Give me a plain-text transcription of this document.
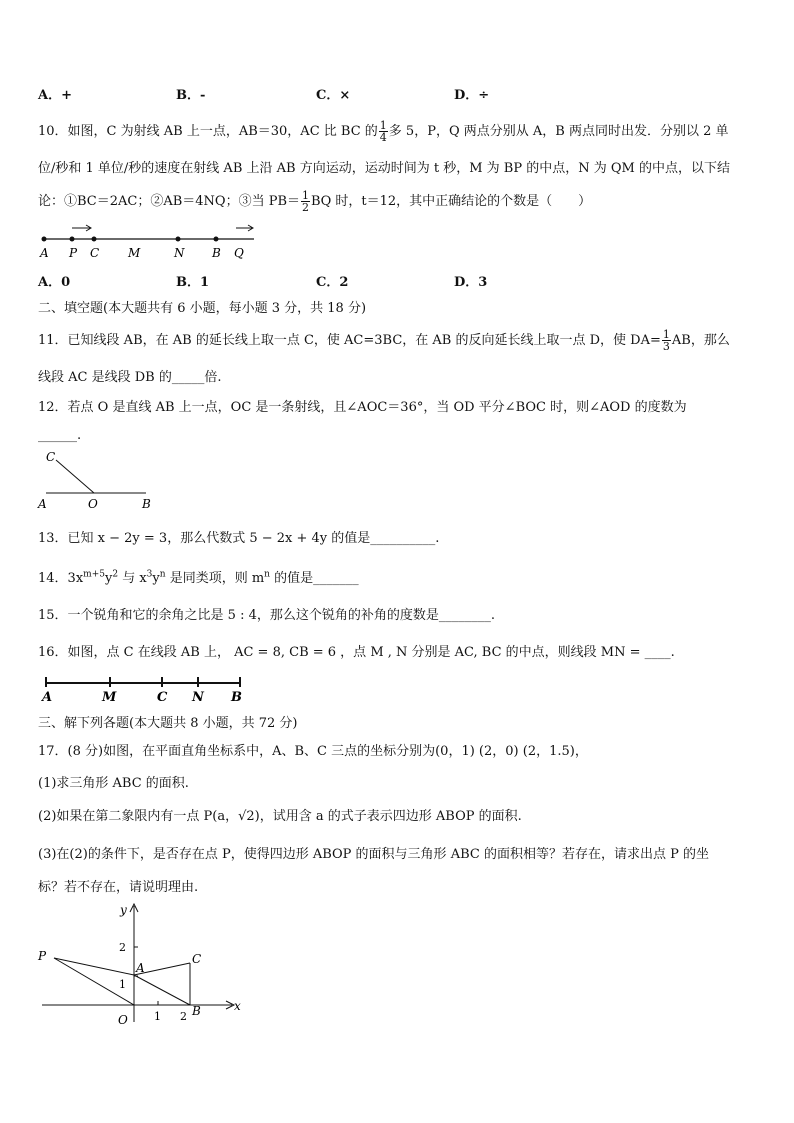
A．+	B．-	C．×	D．÷
10．如图，C 为射线 AB 上一点，AB＝30，AC 比 BC 的 $\frac{1}{4}$ 多 5，P，Q 两点分别从 A，B 两点同时出发．分别以 2 单
位/秒和 1 单位/秒的速度在射线 AB 上沿 AB 方向运动，运动时间为 t 秒，M 为 BP 的中点，N 为 QM 的中点，以下结
论：①BC＝2AC；②AB＝4NQ；③当 $PB= \frac{1}{2}$ BQ 时，t＝12，其中正确结论的个数是（　　）
A P C M	N B Q
A．0	B．1	C．2	D．3
二、填空题(本大题共有 6 小题，每小题 3 分，共 18 分)
11．已知线段 AB，在 AB 的延长线上取一点 C，使 AC=3BC，在 AB 的反向延长线上取一点 D，使 $DA= \frac{1}{3}$ AB，那么
线段 AC 是线段 DB 的_____倍.
12．若点 O 是直线 AB 上一点，OC 是一条射线，且∠AOC＝36°，当 OD 平分∠BOC 时，则∠AOD 的度数为
______.
C
A	O	B
13．已知 x − 2y = 3，那么代数式 5 − 2x + 4y 的值是__________.
14．$3x^{m+5}y^2$ 与 $x^3y^n$ 是同类项，则 $m^n$ 的值是_______
15．一个锐角和它的余角之比是 5 : 4，那么这个锐角的补角的度数是________.
16．如图，点 C 在线段 AB 上， AC = 8, CB = 6 ，点 M , N 分别是 AC, BC 的中点，则线段 MN = ____.
A	M	C N B
三、解下列各题(本大题共 8 小题，共 72 分)
17．(8 分)如图，在平面直角坐标系中，A、B、C 三点的坐标分别为(0，1) (2，0) (2，1.5)，
(1)求三角形 ABC 的面积.
(2)如果在第二象限内有一点 P(a，√2)，试用含 a 的式子表示四边形 ABOP 的面积.
(3)在(2)的条件下，是否存在点 P，使得四边形 ABOP 的面积与三角形 ABC 的面积相等？若存在，请求出点 P 的坐
标？若不存在，请说明理由.
y
x
P
A
C
B
O
1
2
1 2
